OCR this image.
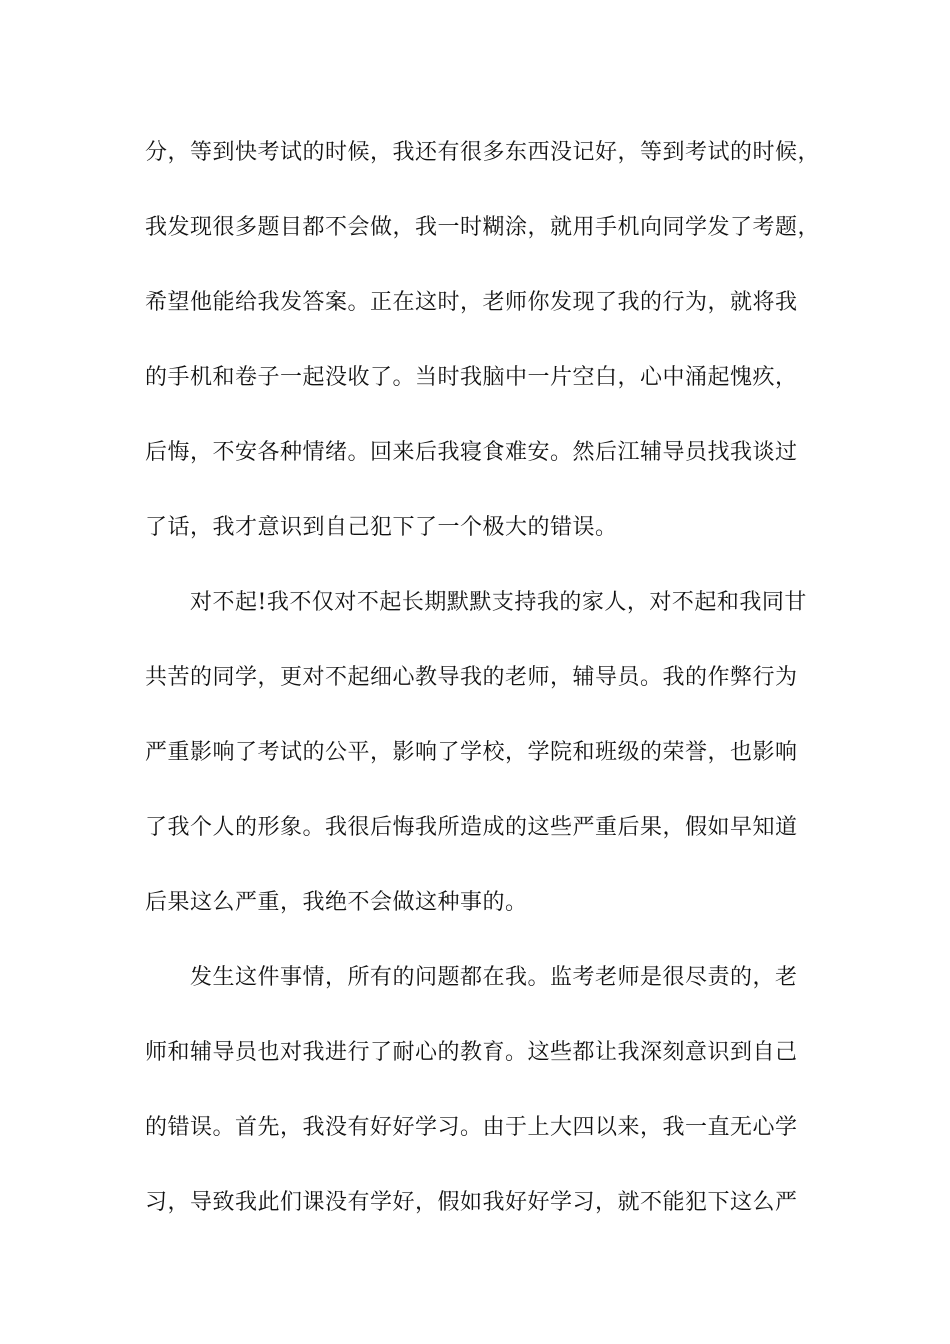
分，等到快考试的时候，我还有很多东西没记好，等到考试的时候，
我发现很多题目都不会做，我一时糊涂，就用手机向同学发了考题，
希望他能给我发答案。正在这时，老师你发现了我的行为，就将我
的手机和卷子一起没收了。当时我脑中一片空白，心中涌起愧疚，
后悔，不安各种情绪。回来后我寝食难安。然后江辅导员找我谈过
了话，我才意识到自己犯下了一个极大的错误。
对不起!我不仅对不起长期默默支持我的家人，对不起和我同甘
共苦的同学，更对不起细心教导我的老师，辅导员。我的作弊行为
严重影响了考试的公平，影响了学校，学院和班级的荣誉，也影响
了我个人的形象。我很后悔我所造成的这些严重后果，假如早知道
后果这么严重，我绝不会做这种事的。
发生这件事情，所有的问题都在我。监考老师是很尽责的，老
师和辅导员也对我进行了耐心的教育。这些都让我深刻意识到自己
的错误。首先，我没有好好学习。由于上大四以来，我一直无心学
习，导致我此们课没有学好，假如我好好学习，就不能犯下这么严
